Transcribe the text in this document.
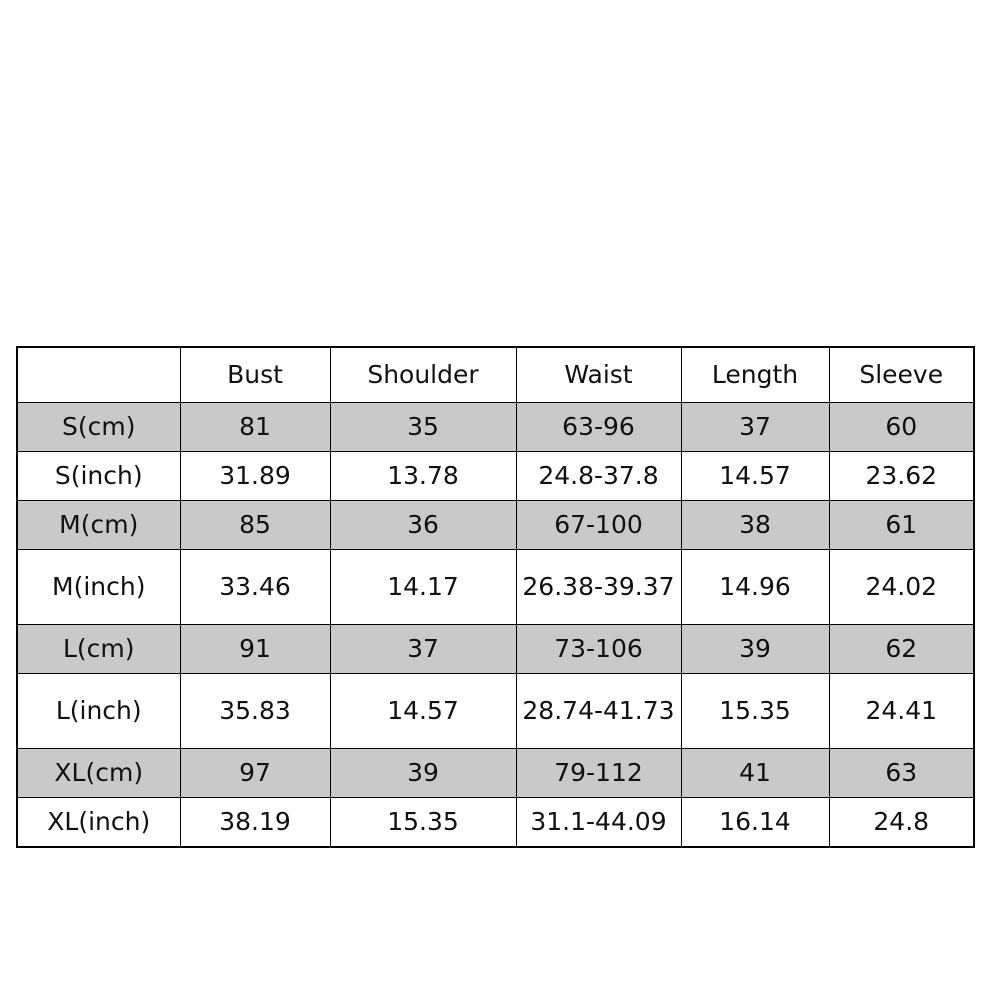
	Bust	Shoulder	Waist	Length	Sleeve
S(cm)	81	35	63-96	37	60
S(inch)	31.89	13.78	24.8-37.8	14.57	23.62
M(cm)	85	36	67-100	38	61
M(inch)	33.46	14.17	26.38-39.37	14.96	24.02
L(cm)	91	37	73-106	39	62
L(inch)	35.83	14.57	28.74-41.73	15.35	24.41
XL(cm)	97	39	79-112	41	63
XL(inch)	38.19	15.35	31.1-44.09	16.14	24.8
